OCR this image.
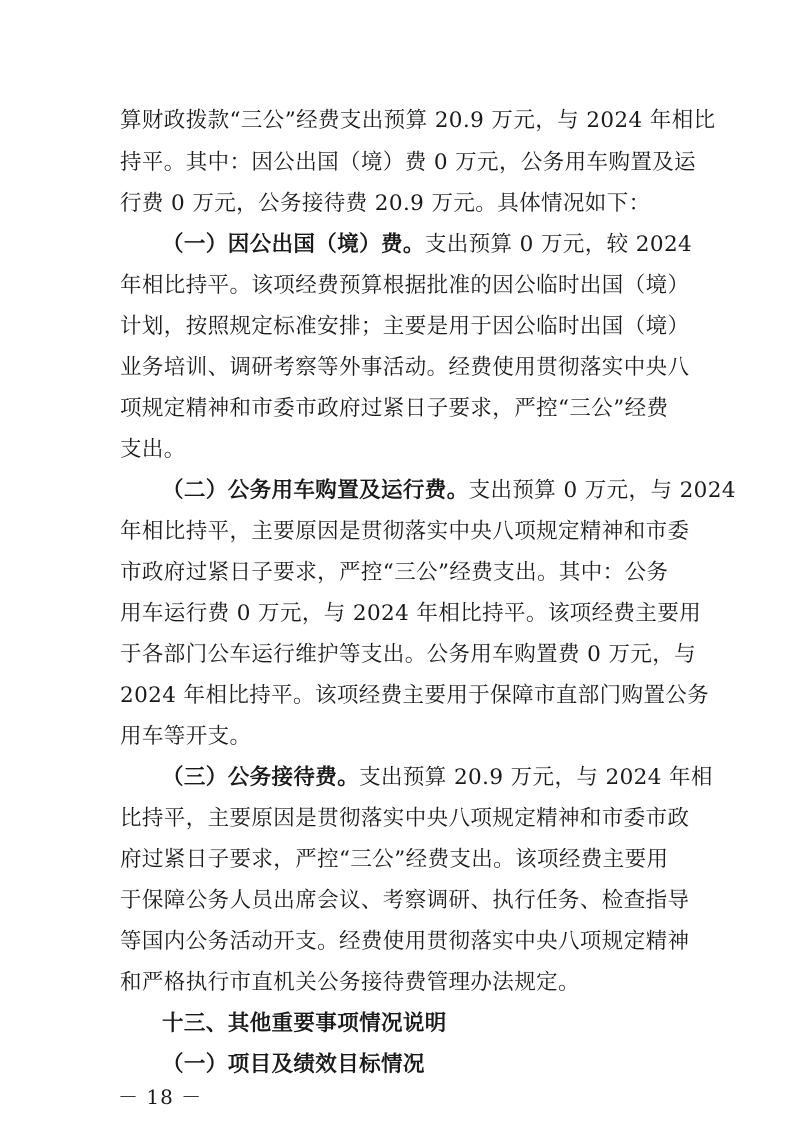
算财政拨款“三公”经费支出预算 20.9 万元，与 2024 年相比
持平。其中：因公出国（境）费 0 万元，公务用车购置及运
行费 0 万元，公务接待费 20.9 万元。具体情况如下：
（一）因公出国（境）费。支出预算 0 万元，较 2024
年相比持平。该项经费预算根据批准的因公临时出国（境）
计划，按照规定标准安排；主要是用于因公临时出国（境）
业务培训、调研考察等外事活动。经费使用贯彻落实中央八
项规定精神和市委市政府过紧日子要求，严控“三公”经费
支出。
（二）公务用车购置及运行费。支出预算 0 万元，与 2024
年相比持平，主要原因是贯彻落实中央八项规定精神和市委
市政府过紧日子要求，严控“三公”经费支出。其中：公务
用车运行费 0 万元，与 2024 年相比持平。该项经费主要用
于各部门公车运行维护等支出。公务用车购置费 0 万元，与
2024 年相比持平。该项经费主要用于保障市直部门购置公务
用车等开支。
（三）公务接待费。支出预算 20.9 万元，与 2024 年相
比持平，主要原因是贯彻落实中央八项规定精神和市委市政
府过紧日子要求，严控“三公”经费支出。该项经费主要用
于保障公务人员出席会议、考察调研、执行任务、检查指导
等国内公务活动开支。经费使用贯彻落实中央八项规定精神
和严格执行市直机关公务接待费管理办法规定。
十三、其他重要事项情况说明
（一）项目及绩效目标情况
－ 18 －
